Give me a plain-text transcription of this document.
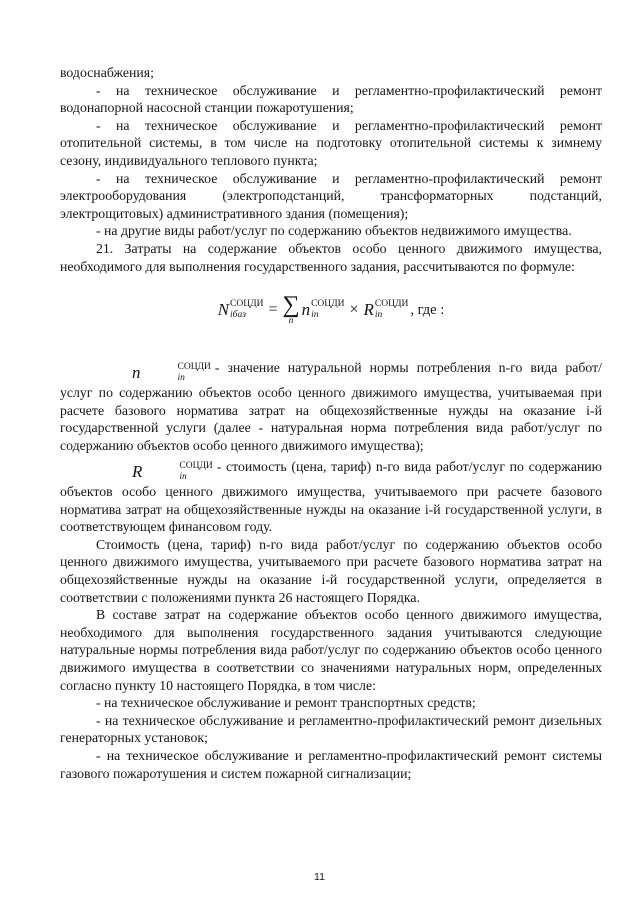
водоснабжения;

- на техническое обслуживание и регламентно-профилактический ремонт водонапорной насосной станции пожаротушения;

- на техническое обслуживание и регламентно-профилактический ремонт отопительной системы, в том числе на подготовку отопительной системы к зимнему сезону, индивидуального теплового пункта;

- на техническое обслуживание и регламентно-профилактический ремонт электрооборудования (электроподстанций, трансформаторных подстанций, электрощитовых) административного здания (помещения);

- на другие виды работ/услуг по содержанию объектов недвижимого имущества.

21. Затраты на содержание объектов особо ценного движимого имущества, необходимого для выполнения государственного задания, рассчитываются по формуле:

N СОЦДИ
iбаз	= ∑
n
n СОЦДИ
in	× R СОЦДИ
in	, где :

n	СОЦДИ
in
- значение натуральной нормы потребления n-го вида работ/услуг по содержанию объектов особо ценного движимого имущества, учитываемая при расчете базового норматива затрат на общехозяйственные нужды на оказание i-й государственной услуги (далее - натуральная норма потребления вида работ/услуг по содержанию объектов особо ценного движимого имущества);

R	СОЦДИ
in
- стоимость (цена, тариф) n-го вида работ/услуг по содержанию объектов особо ценного движимого имущества, учитываемого при расчете базового норматива затрат на общехозяйственные нужды на оказание i-й государственной услуги, в соответствующем финансовом году.

Стоимость (цена, тариф) n-го вида работ/услуг по содержанию объектов особо ценного движимого имущества, учитываемого при расчете базового норматива затрат на общехозяйственные нужды на оказание i-й государственной услуги, определяется в соответствии с положениями пункта 26 настоящего Порядка.

В составе затрат на содержание объектов особо ценного движимого имущества, необходимого для выполнения государственного задания учитываются следующие натуральные нормы потребления вида работ/услуг по содержанию объектов особо ценного движимого имущества в соответствии со значениями натуральных норм, определенных согласно пункту 10 настоящего Порядка, в том числе:

- на техническое обслуживание и ремонт транспортных средств;

- на техническое обслуживание и регламентно-профилактический ремонт дизельных генераторных установок;

- на техническое обслуживание и регламентно-профилактический ремонт системы газового пожаротушения и систем пожарной сигнализации;

11
